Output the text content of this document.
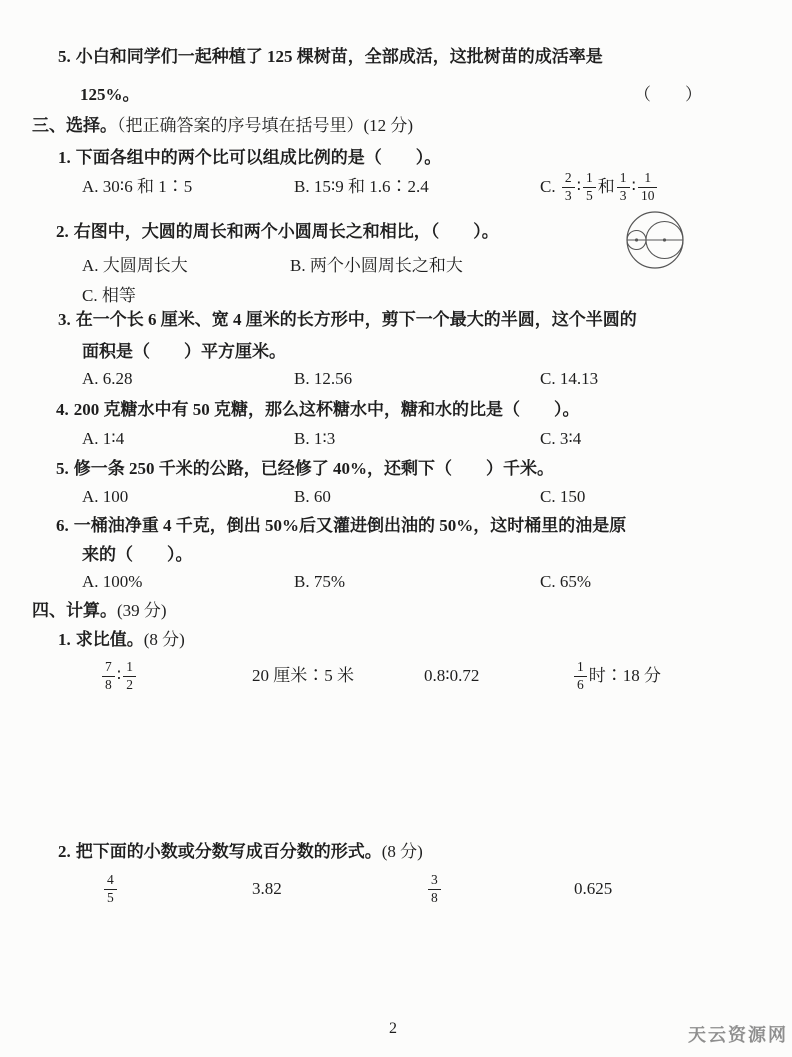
5. 小白和同学们一起种植了 125 棵树苗，全部成活，这批树苗的成活率是
125%。	（　　）
三、选择。（把正确答案的序号填在括号里）(12 分)
1. 下面各组中的两个比可以组成比例的是（　　）。
A. 30∶6 和 1∶5	B. 15∶9 和 1.6∶2.4	C. $\frac{2}{3}$ ∶ $\frac{1}{5}$ 和 $\frac{1}{3}$ ∶ $\frac{1}{10}$
2. 右图中，大圆的周长和两个小圆周长之和相比，（　　）。
A. 大圆周长大	B. 两个小圆周长之和大
C. 相等
3. 在一个长 6 厘米、宽 4 厘米的长方形中，剪下一个最大的半圆，这个半圆的
面积是（　　）平方厘米。
A. 6.28	B. 12.56	C. 14.13
4. 200 克糖水中有 50 克糖，那么这杯糖水中，糖和水的比是（　　）。
A. 1∶4	B. 1∶3	C. 3∶4
5. 修一条 250 千米的公路，已经修了 40%，还剩下（　　）千米。
A. 100	B. 60	C. 150
6. 一桶油净重 4 千克，倒出 50%后又灌进倒出油的 50%，这时桶里的油是原
来的（　　）。
A. 100%	B. 75%	C. 65%
四、计算。(39 分)
1. 求比值。(8 分)
$\frac{7}{8}$ ∶ $\frac{1}{2}$	20 厘米∶5 米	0.8∶0.72	$\frac{1}{6}$ 时∶18 分
2. 把下面的小数或分数写成百分数的形式。(8 分)
$\frac{4}{5}$	3.82	$\frac{3}{8}$	0.625
2	天云资源网
